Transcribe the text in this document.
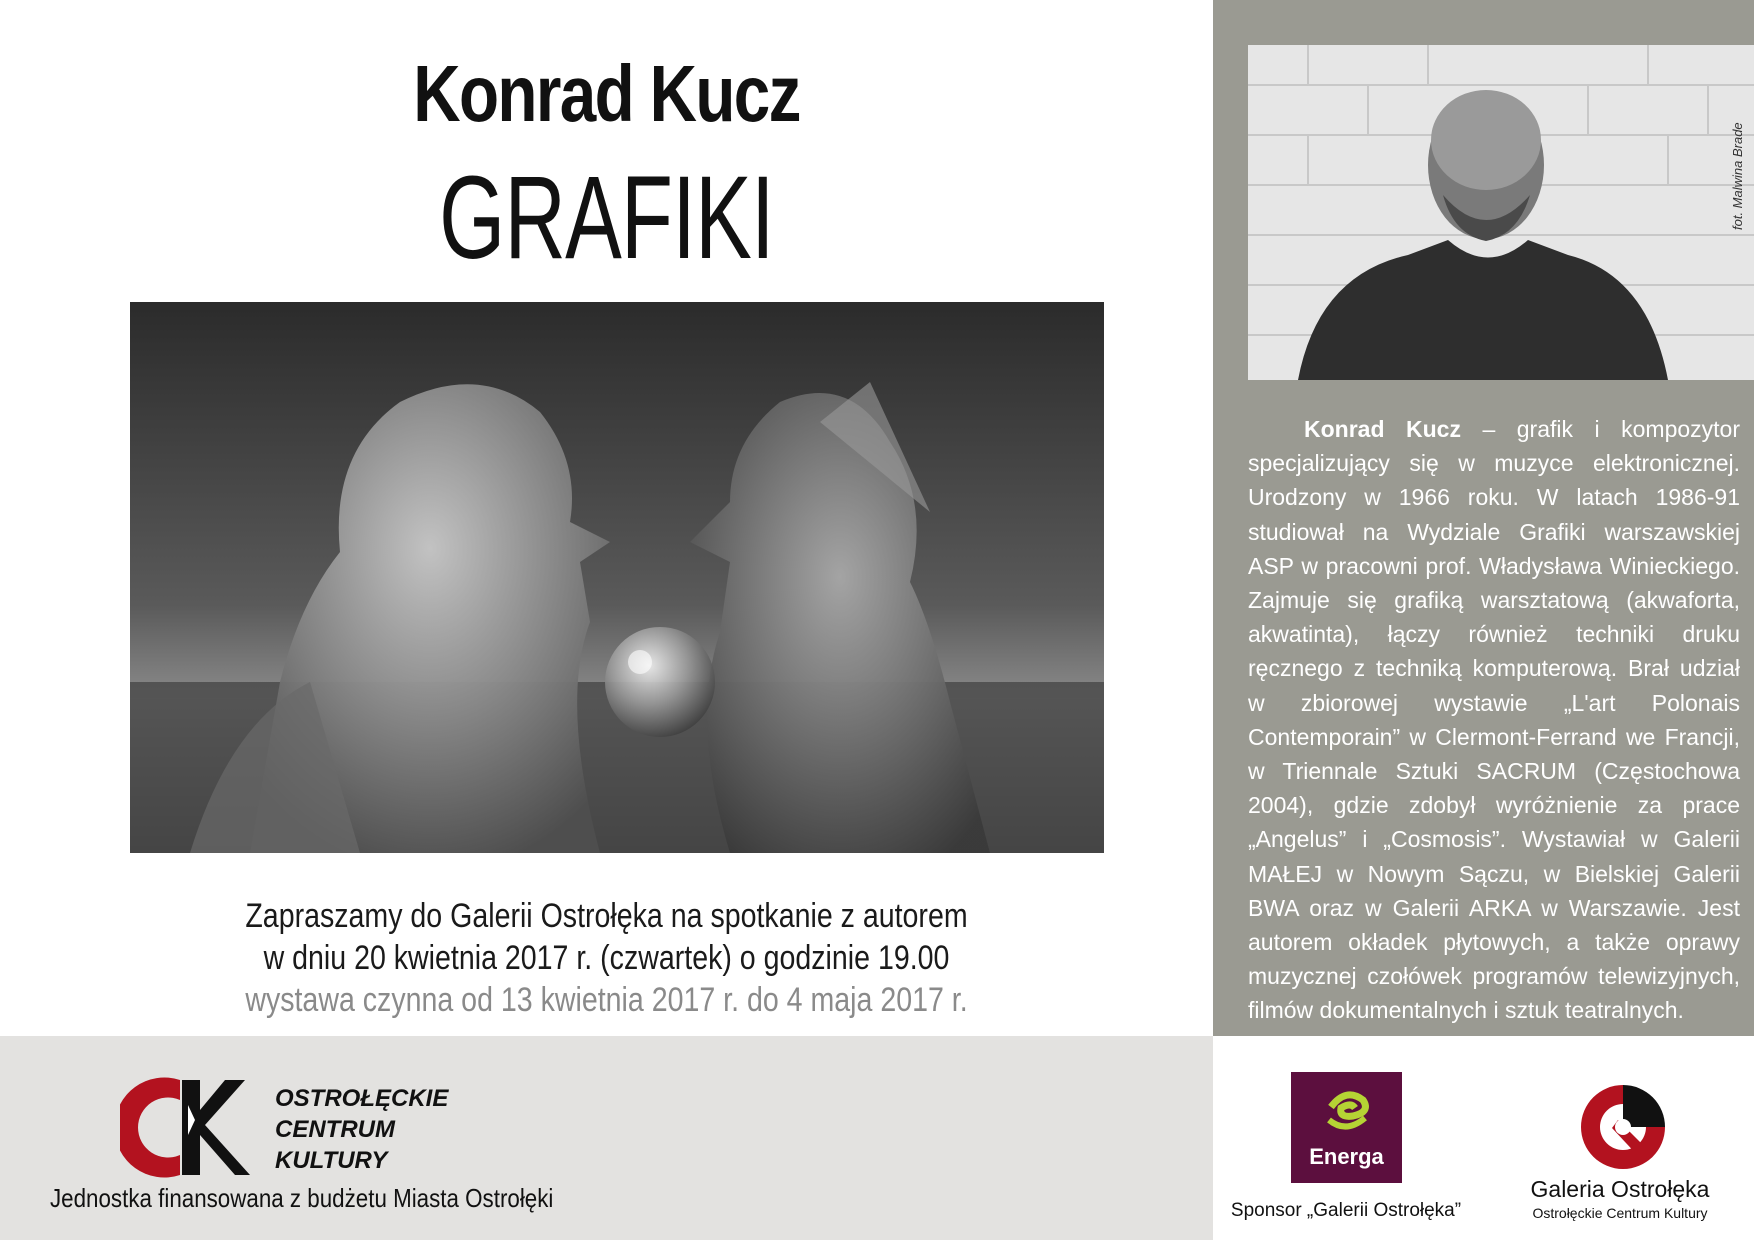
Konrad Kucz
GRAFIKI
Zapraszamy do Galerii Ostrołęka na spotkanie z autorem
w dniu 20 kwietnia 2017 r. (czwartek) o godzinie 19.00
wystawa czynna od 13 kwietnia 2017 r. do 4 maja 2017 r.
fot. Malwina Brade
Konrad Kucz – grafik i kompozytor specjalizujący się w muzyce elektronicznej. Urodzony w 1966 roku. W latach 1986-91 studiował na Wydziale Grafiki warszawskiej ASP w pracowni prof. Władysława Winieckiego. Zajmuje się grafiką warsztatową (akwaforta, akwatinta), łączy również techniki druku ręcznego z techniką komputerową. Brał udział w zbiorowej wystawie „L'art Polonais Contemporain” w Clermont-Ferrand we Francji, w Triennale Sztuki SACRUM (Częstochowa 2004), gdzie zdobył wyróżnienie za prace „Angelus” i „Cosmosis”. Wystawiał w Galerii MAŁEJ w Nowym Sączu, w Bielskiej Galerii BWA oraz w Galerii ARKA w Warszawie. Jest autorem okładek płytowych, a także oprawy muzycznej czołówek programów telewizyjnych, filmów dokumentalnych i sztuk teatralnych.
OSTROŁĘCKIE
CENTRUM
KULTURY
Jednostka finansowana z budżetu Miasta Ostrołęki
Energa
Sponsor „Galerii Ostrołęka”
Galeria Ostrołęka
Ostrołęckie Centrum Kultury
